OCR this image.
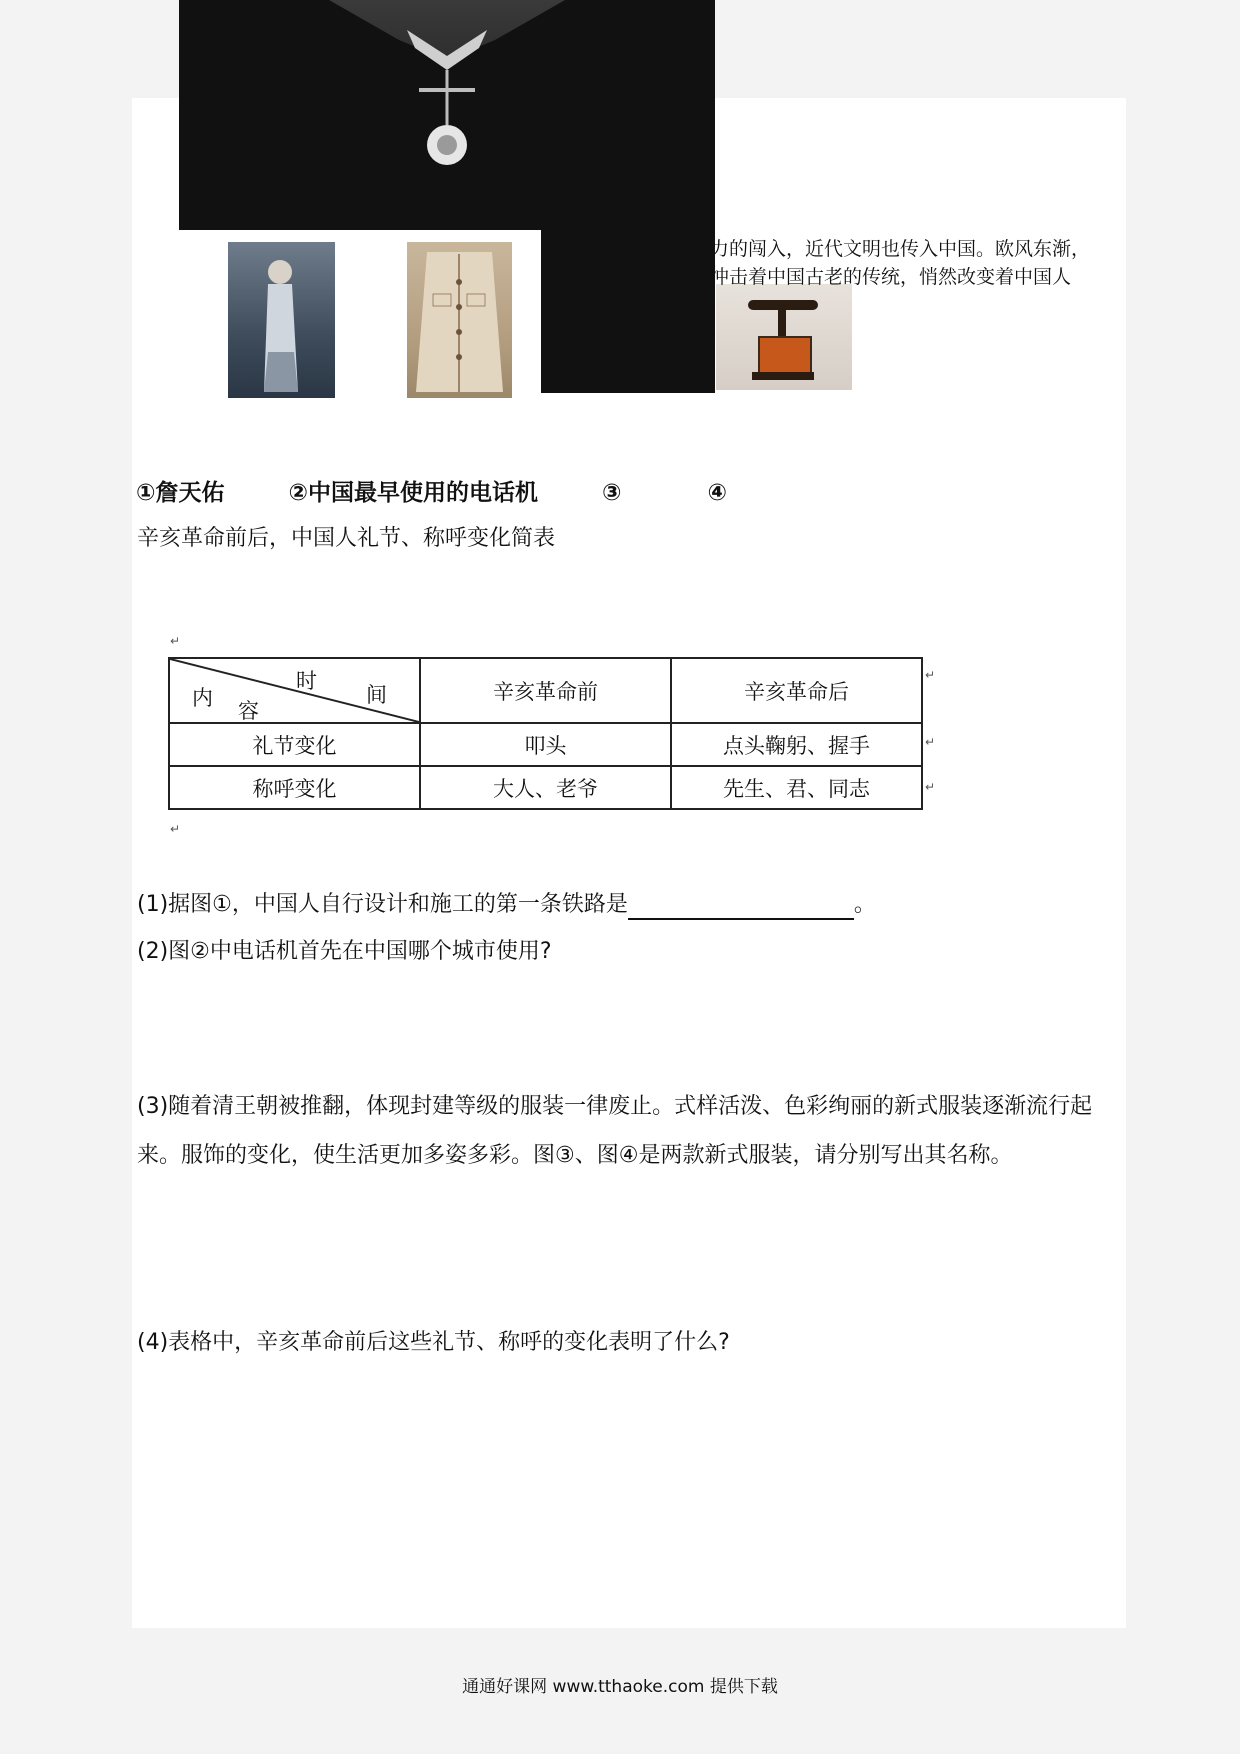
力的闯入，近代文明也传入中国。欧风东渐，
冲击着中国古老的传统，悄然改变着中国人
①詹天佑	②中国最早使用的电话机	③	④
辛亥革命前后，中国人礼节、称呼变化简表
↵
时
间
内
容	辛亥革命前	辛亥革命后
礼节变化	叩头	点头鞠躬、握手
称呼变化	大人、老爷	先生、君、同志
↵
↵
↵
↵
(1)据图①，中国人自行设计和施工的第一条铁路是	。
(2)图②中电话机首先在中国哪个城市使用?
(3)随着清王朝被推翻，体现封建等级的服装一律废止。式样活泼、色彩绚丽的新式服装逐渐流行起来。服饰的变化，使生活更加多姿多彩。图③、图④是两款新式服装，请分别写出其名称。
(4)表格中，辛亥革命前后这些礼节、称呼的变化表明了什么?
通通好课网 www.tthaoke.com 提供下载
